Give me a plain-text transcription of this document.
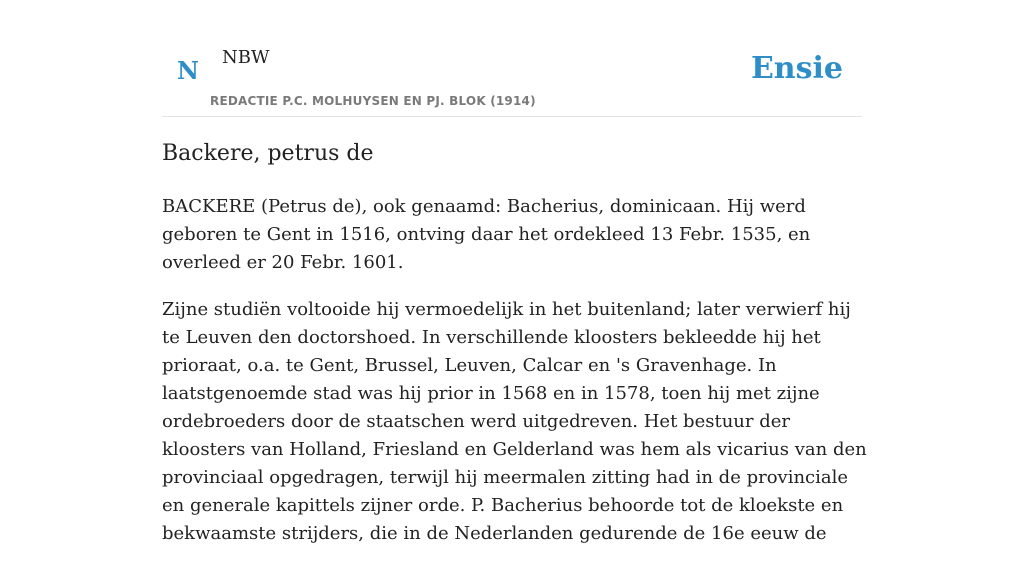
N NBW
REDACTIE P.C. MOLHUYSEN EN PJ. BLOK (1914)
Ensie
Backere, petrus de

BACKERE (Petrus de), ook genaamd: Bacherius, dominicaan. Hij werd geboren te Gent in 1516, ontving daar het ordekleed 13 Febr. 1535, en overleed er 20 Febr. 1601.

Zijne studiën voltooide hij vermoedelijk in het buitenland; later verwierf hij te Leuven den doctorshoed. In verschillende kloosters bekleedde hij het prioraat, o.a. te Gent, Brussel, Leuven, Calcar en 's Gravenhage. In laatstgenoemde stad was hij prior in 1568 en in 1578, toen hij met zijne ordebroeders door de staatschen werd uitgedreven. Het bestuur der kloosters van Holland, Friesland en Gelderland was hem als vicarius van den provinciaal opgedragen, terwijl hij meermalen zitting had in de provinciale en generale kapittels zijner orde. P. Bacherius behoorde tot de kloekste en bekwaamste strijders, die in de Nederlanden gedurende de 16e eeuw de
